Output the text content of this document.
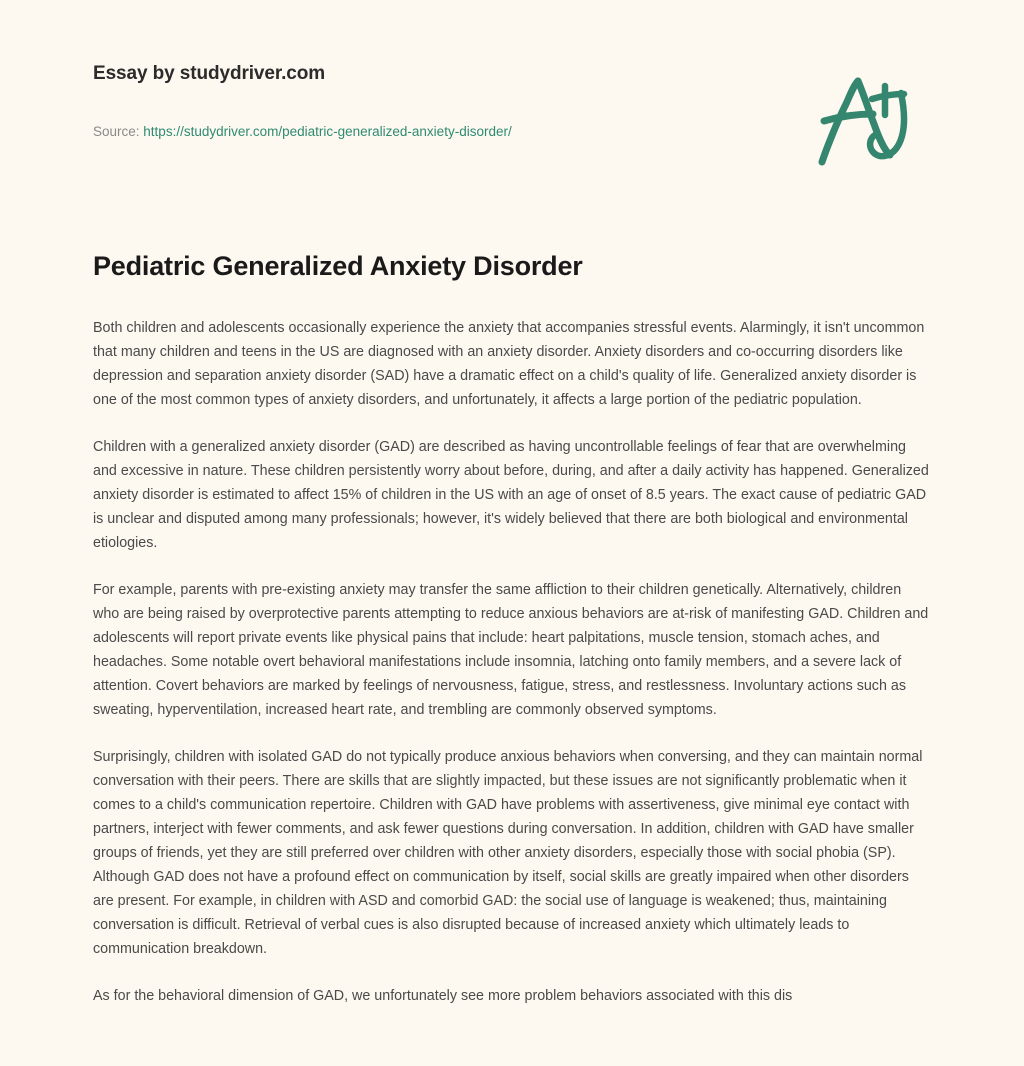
Essay by studydriver.com
Source: https://studydriver.com/pediatric-generalized-anxiety-disorder/
Pediatric Generalized Anxiety Disorder

Both children and adolescents occasionally experience the anxiety that accompanies stressful events. Alarmingly, it isn't uncommon that many children and teens in the US are diagnosed with an anxiety disorder. Anxiety disorders and co-occurring disorders like depression and separation anxiety disorder (SAD) have a dramatic effect on a child's quality of life. Generalized anxiety disorder is one of the most common types of anxiety disorders, and unfortunately, it affects a large portion of the pediatric population.

Children with a generalized anxiety disorder (GAD) are described as having uncontrollable feelings of fear that are overwhelming and excessive in nature. These children persistently worry about before, during, and after a daily activity has happened. Generalized anxiety disorder is estimated to affect 15% of children in the US with an age of onset of 8.5 years. The exact cause of pediatric GAD is unclear and disputed among many professionals; however, it's widely believed that there are both biological and environmental etiologies.

For example, parents with pre-existing anxiety may transfer the same affliction to their children genetically. Alternatively, children who are being raised by overprotective parents attempting to reduce anxious behaviors are at-risk of manifesting GAD. Children and adolescents will report private events like physical pains that include: heart palpitations, muscle tension, stomach aches, and headaches. Some notable overt behavioral manifestations include insomnia, latching onto family members, and a severe lack of attention. Covert behaviors are marked by feelings of nervousness, fatigue, stress, and restlessness. Involuntary actions such as sweating, hyperventilation, increased heart rate, and trembling are commonly observed symptoms.

Surprisingly, children with isolated GAD do not typically produce anxious behaviors when conversing, and they can maintain normal conversation with their peers. There are skills that are slightly impacted, but these issues are not significantly problematic when it comes to a child's communication repertoire. Children with GAD have problems with assertiveness, give minimal eye contact with partners, interject with fewer comments, and ask fewer questions during conversation. In addition, children with GAD have smaller groups of friends, yet they are still preferred over children with other anxiety disorders, especially those with social phobia (SP). Although GAD does not have a profound effect on communication by itself, social skills are greatly impaired when other disorders are present. For example, in children with ASD and comorbid GAD: the social use of language is weakened; thus, maintaining conversation is difficult. Retrieval of verbal cues is also disrupted because of increased anxiety which ultimately leads to communication breakdown.

As for the behavioral dimension of GAD, we unfortunately see more problem behaviors associated with this dis
